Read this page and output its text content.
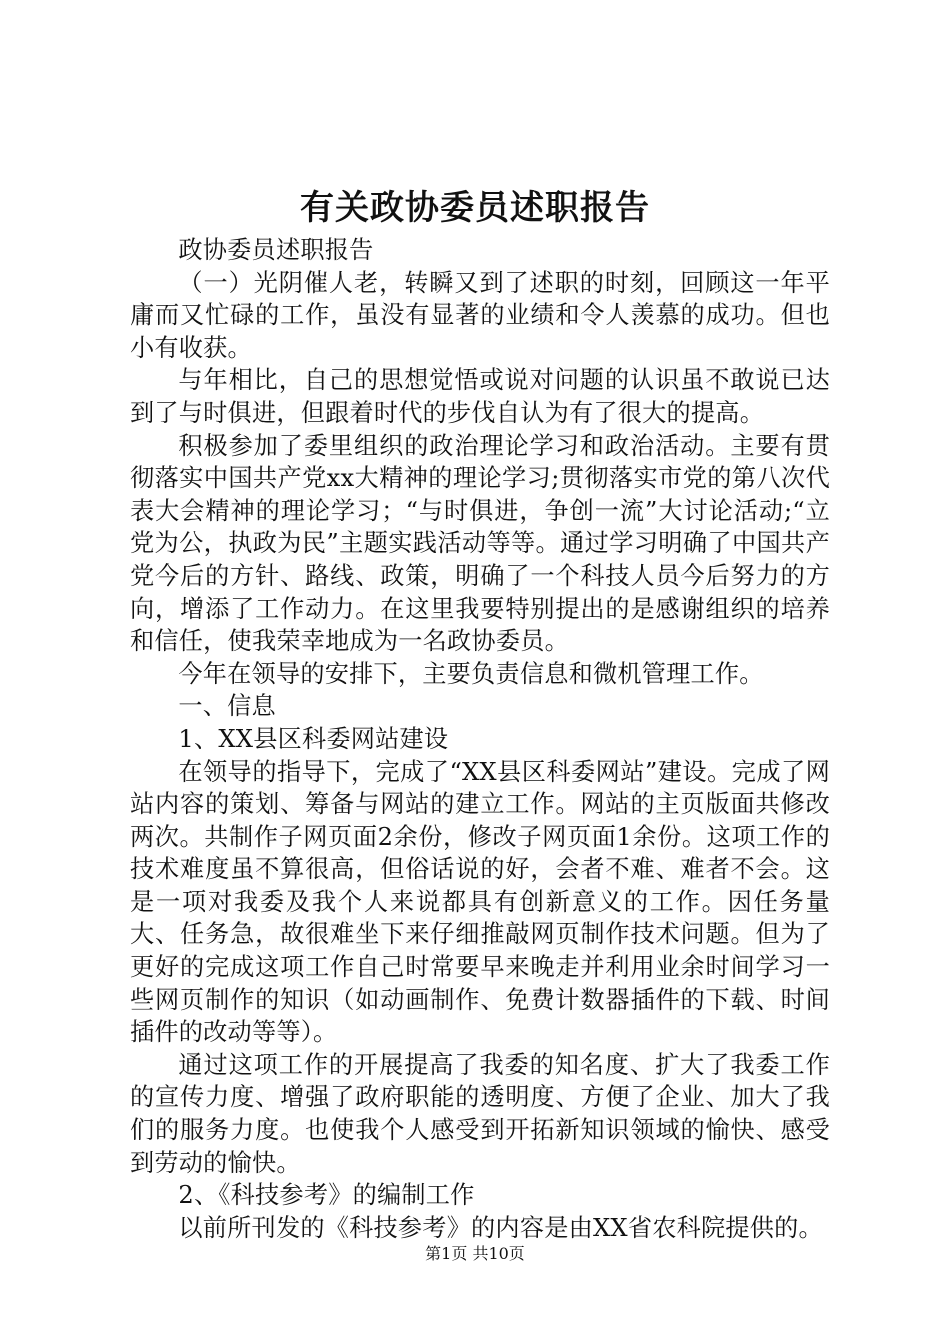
有关政协委员述职报告

政协委员述职报告

（一）光阴催人老，转瞬又到了述职的时刻，回顾这一年平庸而又忙碌的工作，虽没有显著的业绩和令人羡慕的成功。但也小有收获。

与年相比，自己的思想觉悟或说对问题的认识虽不敢说已达到了与时俱进，但跟着时代的步伐自认为有了很大的提高。

积极参加了委里组织的政治理论学习和政治活动。主要有贯彻落实中国共产党xx大精神的理论学习;贯彻落实市党的第八次代表大会精神的理论学习；“与时俱进，争创一流”大讨论活动;“立党为公，执政为民”主题实践活动等等。通过学习明确了中国共产党今后的方针、路线、政策，明确了一个科技人员今后努力的方向，增添了工作动力。在这里我要特别提出的是感谢组织的培养和信任，使我荣幸地成为一名政协委员。

今年在领导的安排下，主要负责信息和微机管理工作。

一、信息

1、XX县区科委网站建设

在领导的指导下，完成了“XX县区科委网站”建设。完成了网站内容的策划、筹备与网站的建立工作。网站的主页版面共修改两次。共制作子网页面2余份，修改子网页面1余份。这项工作的技术难度虽不算很高，但俗话说的好，会者不难、难者不会。这是一项对我委及我个人来说都具有创新意义的工作。因任务量大、任务急，故很难坐下来仔细推敲网页制作技术问题。但为了更好的完成这项工作自己时常要早来晚走并利用业余时间学习一些网页制作的知识（如动画制作、免费计数器插件的下载、时间插件的改动等等）。

通过这项工作的开展提高了我委的知名度、扩大了我委工作的宣传力度、增强了政府职能的透明度、方便了企业、加大了我们的服务力度。也使我个人感受到开拓新知识领域的愉快、感受到劳动的愉快。

2、《科技参考》的编制工作

以前所刊发的《科技参考》的内容是由XX省农科院提供的。

第1页 共10页
